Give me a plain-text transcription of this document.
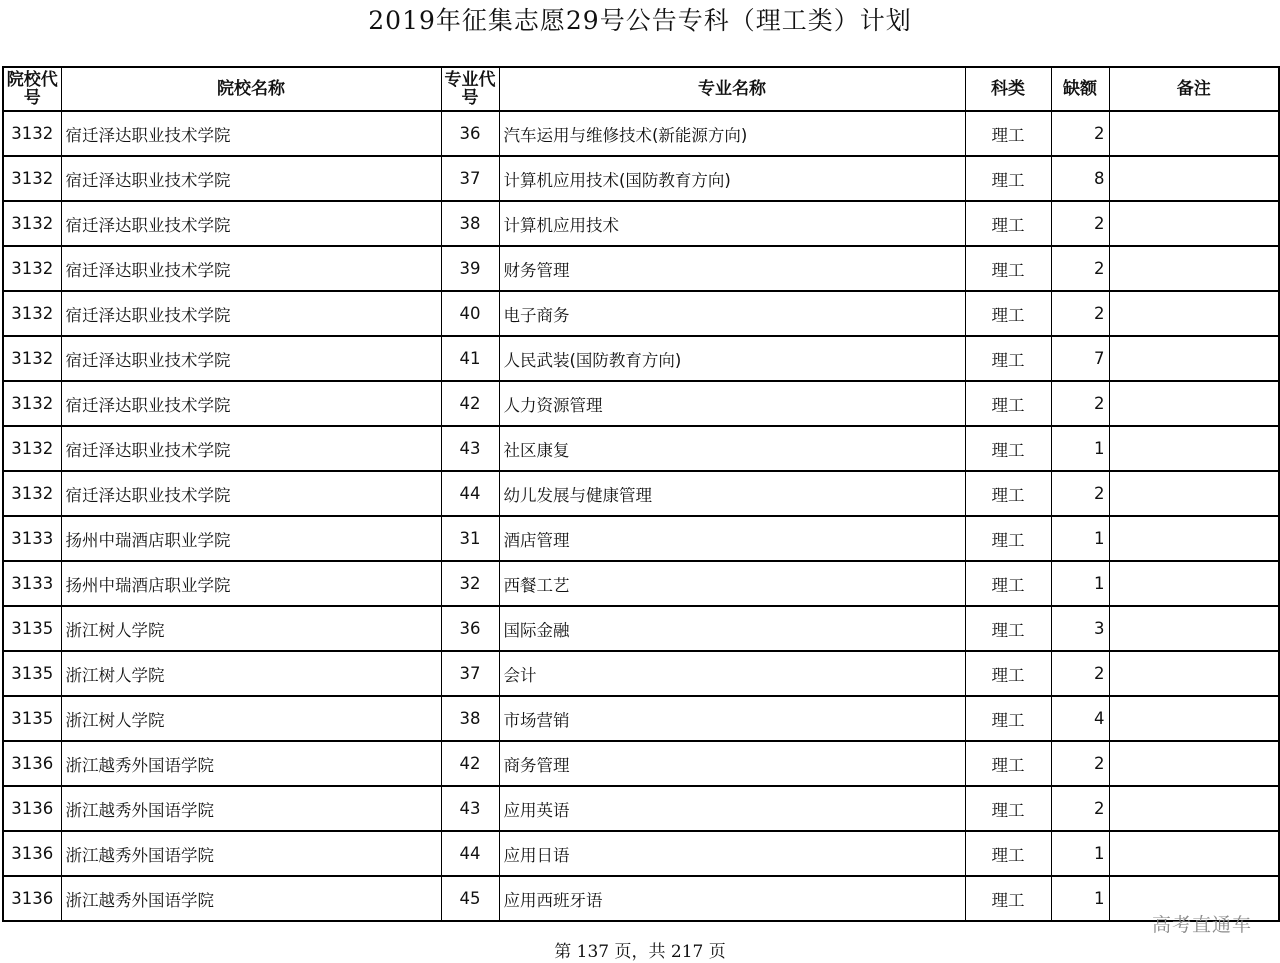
2019年征集志愿29号公告专科（理工类）计划
院校代号	院校名称	专业代号	专业名称	科类	缺额	备注
3132	宿迁泽达职业技术学院	36	汽车运用与维修技术(新能源方向)	理工	2	
3132	宿迁泽达职业技术学院	37	计算机应用技术(国防教育方向)	理工	8	
3132	宿迁泽达职业技术学院	38	计算机应用技术	理工	2	
3132	宿迁泽达职业技术学院	39	财务管理	理工	2	
3132	宿迁泽达职业技术学院	40	电子商务	理工	2	
3132	宿迁泽达职业技术学院	41	人民武装(国防教育方向)	理工	7	
3132	宿迁泽达职业技术学院	42	人力资源管理	理工	2	
3132	宿迁泽达职业技术学院	43	社区康复	理工	1	
3132	宿迁泽达职业技术学院	44	幼儿发展与健康管理	理工	2	
3133	扬州中瑞酒店职业学院	31	酒店管理	理工	1	
3133	扬州中瑞酒店职业学院	32	西餐工艺	理工	1	
3135	浙江树人学院	36	国际金融	理工	3	
3135	浙江树人学院	37	会计	理工	2	
3135	浙江树人学院	38	市场营销	理工	4	
3136	浙江越秀外国语学院	42	商务管理	理工	2	
3136	浙江越秀外国语学院	43	应用英语	理工	2	
3136	浙江越秀外国语学院	44	应用日语	理工	1	
3136	浙江越秀外国语学院	45	应用西班牙语	理工	1	
高考直通车
第 137 页，共 217 页
